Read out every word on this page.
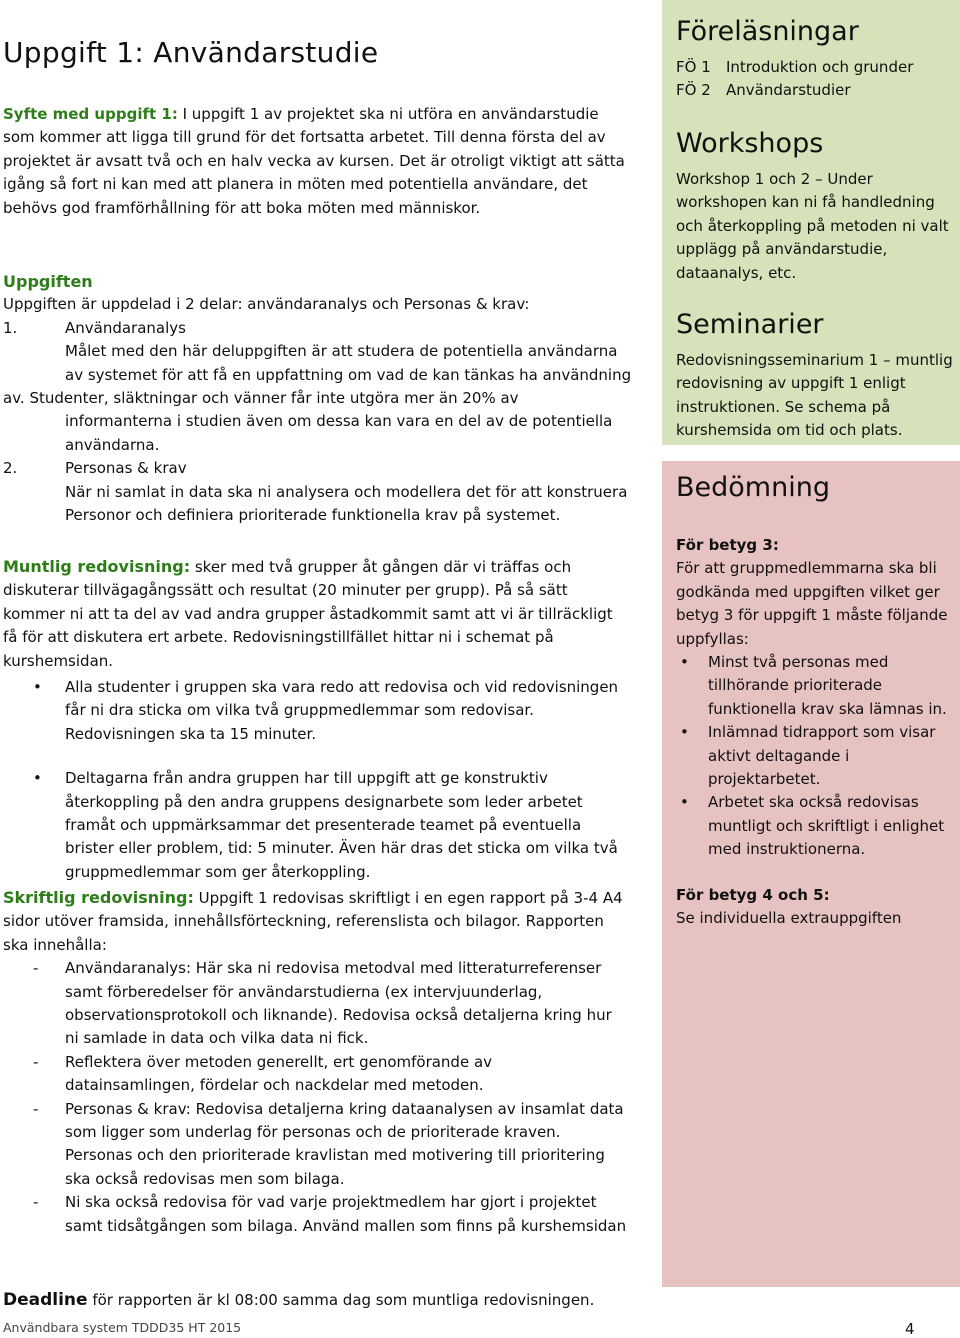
Uppgift 1: Användarstudie
Syfte med uppgift 1: I uppgift 1 av projektet ska ni utföra en användarstudie
som kommer att ligga till grund för det fortsatta arbetet. Till denna första del av
projektet är avsatt två och en halv vecka av kursen. Det är otroligt viktigt att sätta
igång så fort ni kan med att planera in möten med potentiella användare, det
behövs god framförhållning för att boka möten med människor.
Uppgiften
Uppgiften är uppdelad i 2 delar: användaranalys och Personas & krav:
1.	Användaranalys
Målet med den här deluppgiften är att studera de potentiella användarna
av systemet för att få en uppfattning om vad de kan tänkas ha användning
av. Studenter, släktningar och vänner får inte utgöra mer än 20% av
informanterna i studien även om dessa kan vara en del av de potentiella
användarna.
2.	Personas & krav
När ni samlat in data ska ni analysera och modellera det för att konstruera
Personor och definiera prioriterade funktionella krav på systemet.
Muntlig redovisning: sker med två grupper åt gången där vi träffas och
diskuterar tillvägagångssätt och resultat (20 minuter per grupp). På så sätt
kommer ni att ta del av vad andra grupper åstadkommit samt att vi är tillräckligt
få för att diskutera ert arbete. Redovisningstillfället hittar ni i schemat på
kurshemsidan.
• Alla studenter i gruppen ska vara redo att redovisa och vid redovisningen
får ni dra sticka om vilka två gruppmedlemmar som redovisar.
Redovisningen ska ta 15 minuter.
• Deltagarna från andra gruppen har till uppgift att ge konstruktiv
återkoppling på den andra gruppens designarbete som leder arbetet
framåt och uppmärksammar det presenterade teamet på eventuella
brister eller problem, tid: 5 minuter. Även här dras det sticka om vilka två
gruppmedlemmar som ger återkoppling.
Skriftlig redovisning: Uppgift 1 redovisas skriftligt i en egen rapport på 3-4 A4
sidor utöver framsida, innehållsförteckning, referenslista och bilagor. Rapporten
ska innehålla:
- Användaranalys: Här ska ni redovisa metodval med litteraturreferenser
samt förberedelser för användarstudierna (ex intervjuunderlag,
observationsprotokoll och liknande). Redovisa också detaljerna kring hur
ni samlade in data och vilka data ni fick.
- Reflektera över metoden generellt, ert genomförande av
datainsamlingen, fördelar och nackdelar med metoden.
- Personas & krav: Redovisa detaljerna kring dataanalysen av insamlat data
som ligger som underlag för personas och de prioriterade kraven.
Personas och den prioriterade kravlistan med motivering till prioritering
ska också redovisas men som bilaga.
- Ni ska också redovisa för vad varje projektmedlem har gjort i projektet
samt tidsåtgången som bilaga. Använd mallen som finns på kurshemsidan
Deadline för rapporten är kl 08:00 samma dag som muntliga redovisningen.
Användbara system TDDD35 HT 2015	4
Föreläsningar
FÖ 1 Introduktion och grunder
FÖ 2 Användarstudier
Workshops
Workshop 1 och 2 – Under
workshopen kan ni få handledning
och återkoppling på metoden ni valt
upplägg på användarstudie,
dataanalys, etc.
Seminarier
Redovisningsseminarium 1 – muntlig
redovisning av uppgift 1 enligt
instruktionen. Se schema på
kurshemsida om tid och plats.
Bedömning
För betyg 3:
För att gruppmedlemmarna ska bli
godkända med uppgiften vilket ger
betyg 3 för uppgift 1 måste följande
uppfyllas:
• Minst två personas med
tillhörande prioriterade
funktionella krav ska lämnas in.
• Inlämnad tidrapport som visar
aktivt deltagande i
projektarbetet.
• Arbetet ska också redovisas
muntligt och skriftligt i enlighet
med instruktionerna.
För betyg 4 och 5:
Se individuella extrauppgiften
